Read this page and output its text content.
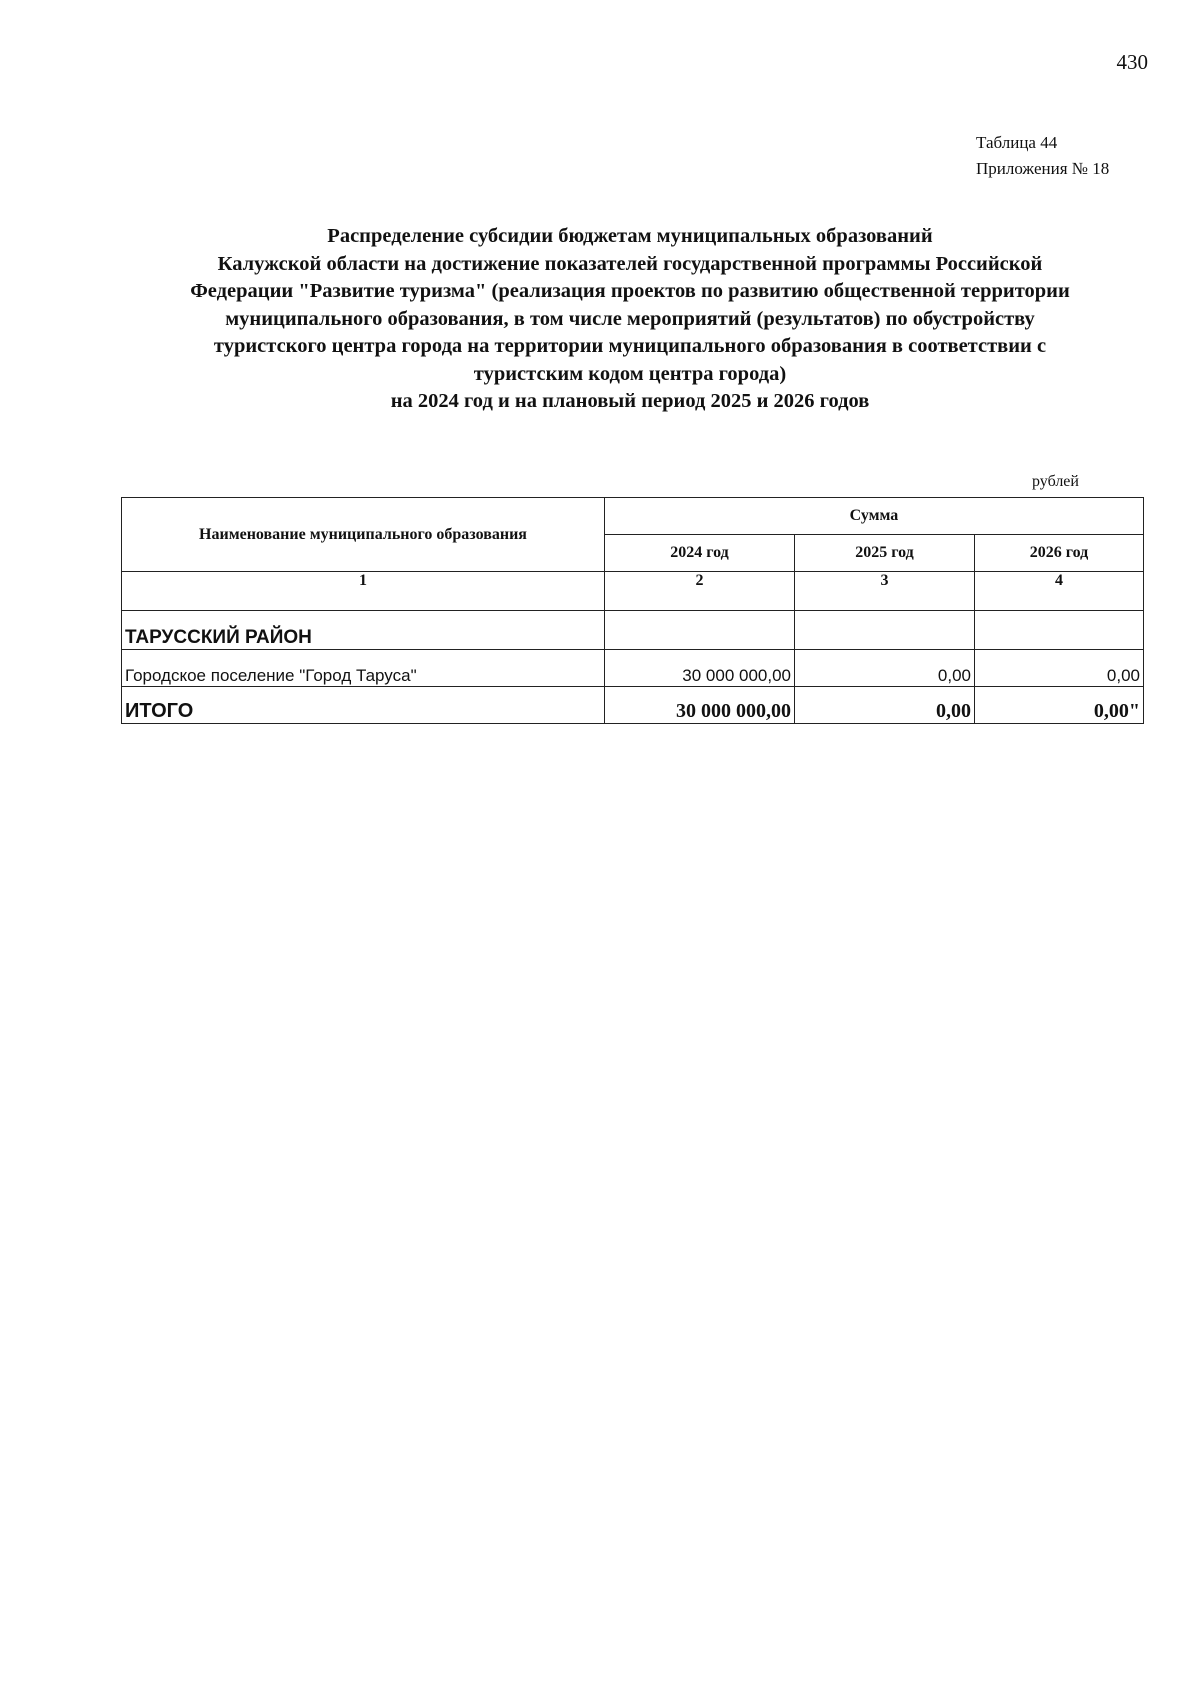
430
Таблица 44
Приложения № 18
Распределение субсидии бюджетам муниципальных образований
Калужской области на достижение показателей государственной программы Российской
Федерации "Развитие туризма" (реализация проектов по развитию общественной территории
муниципального образования, в том числе мероприятий (результатов) по обустройству
туристского центра города на территории муниципального образования в соответствии с
туристским кодом центра города)
на 2024 год и на плановый период 2025 и 2026 годов
рублей
Наименование муниципального образования	Сумма		
	2024 год	2025 год	2026 год
1	2	3	4
ТАРУССКИЙ РАЙОН			
Городское поселение "Город Таруса"	30 000 000,00	0,00	0,00
ИТОГО	30 000 000,00	0,00	0,00"
